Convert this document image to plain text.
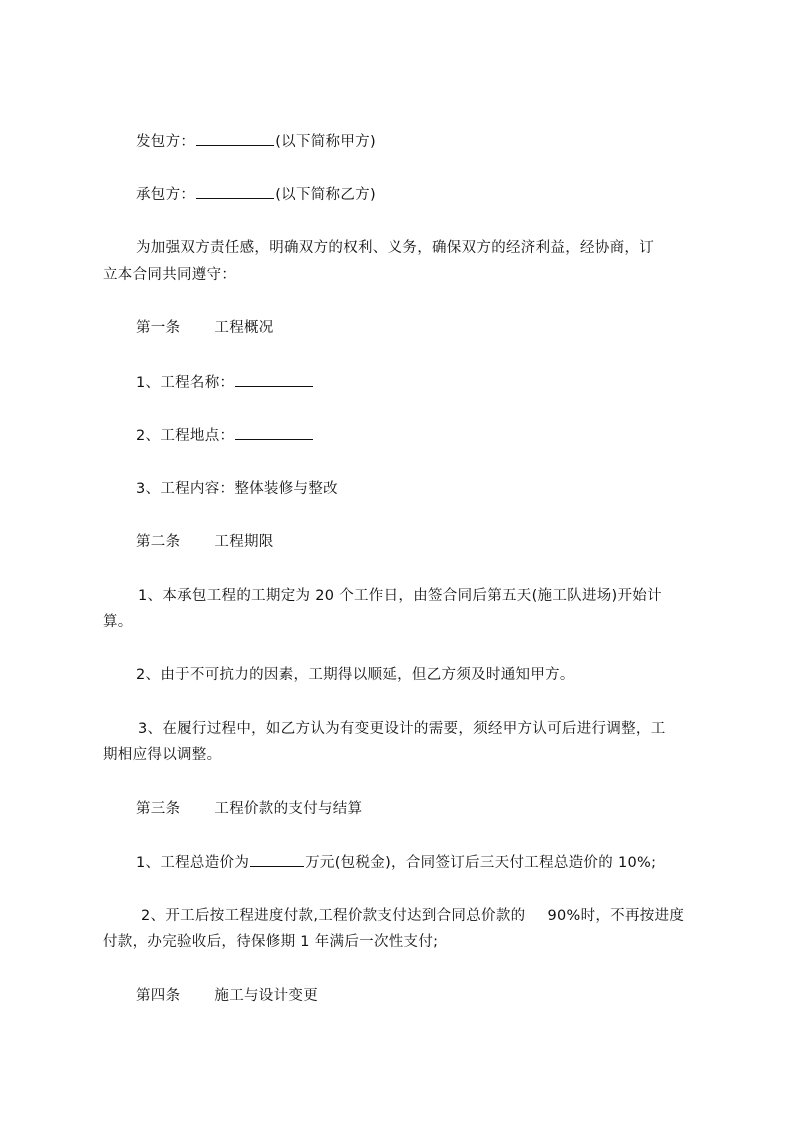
发包方：	(以下简称甲方)
承包方：	(以下简称乙方)
为加强双方责任感，明确双方的权利、义务，确保双方的经济利益，经协商，订
立本合同共同遵守：
第一条 工程概况
1、工程名称：
2、工程地点：
3、工程内容：整体装修与整改
第二条 工程期限
1、本承包工程的工期定为 20 个工作日，由签合同后第五天(施工队进场)开始计
算。
2、由于不可抗力的因素，工期得以顺延，但乙方须及时通知甲方。
3、在履行过程中，如乙方认为有变更设计的需要，须经甲方认可后进行调整，工
期相应得以调整。
第三条 工程价款的支付与结算
1、工程总造价为	万元(包税金)，合同签订后三天付工程总造价的 10%;
2、开工后按工程进度付款,工程价款支付达到合同总价款的 90%时，不再按进度
付款，办完验收后，待保修期 1 年满后一次性支付;
第四条 施工与设计变更
